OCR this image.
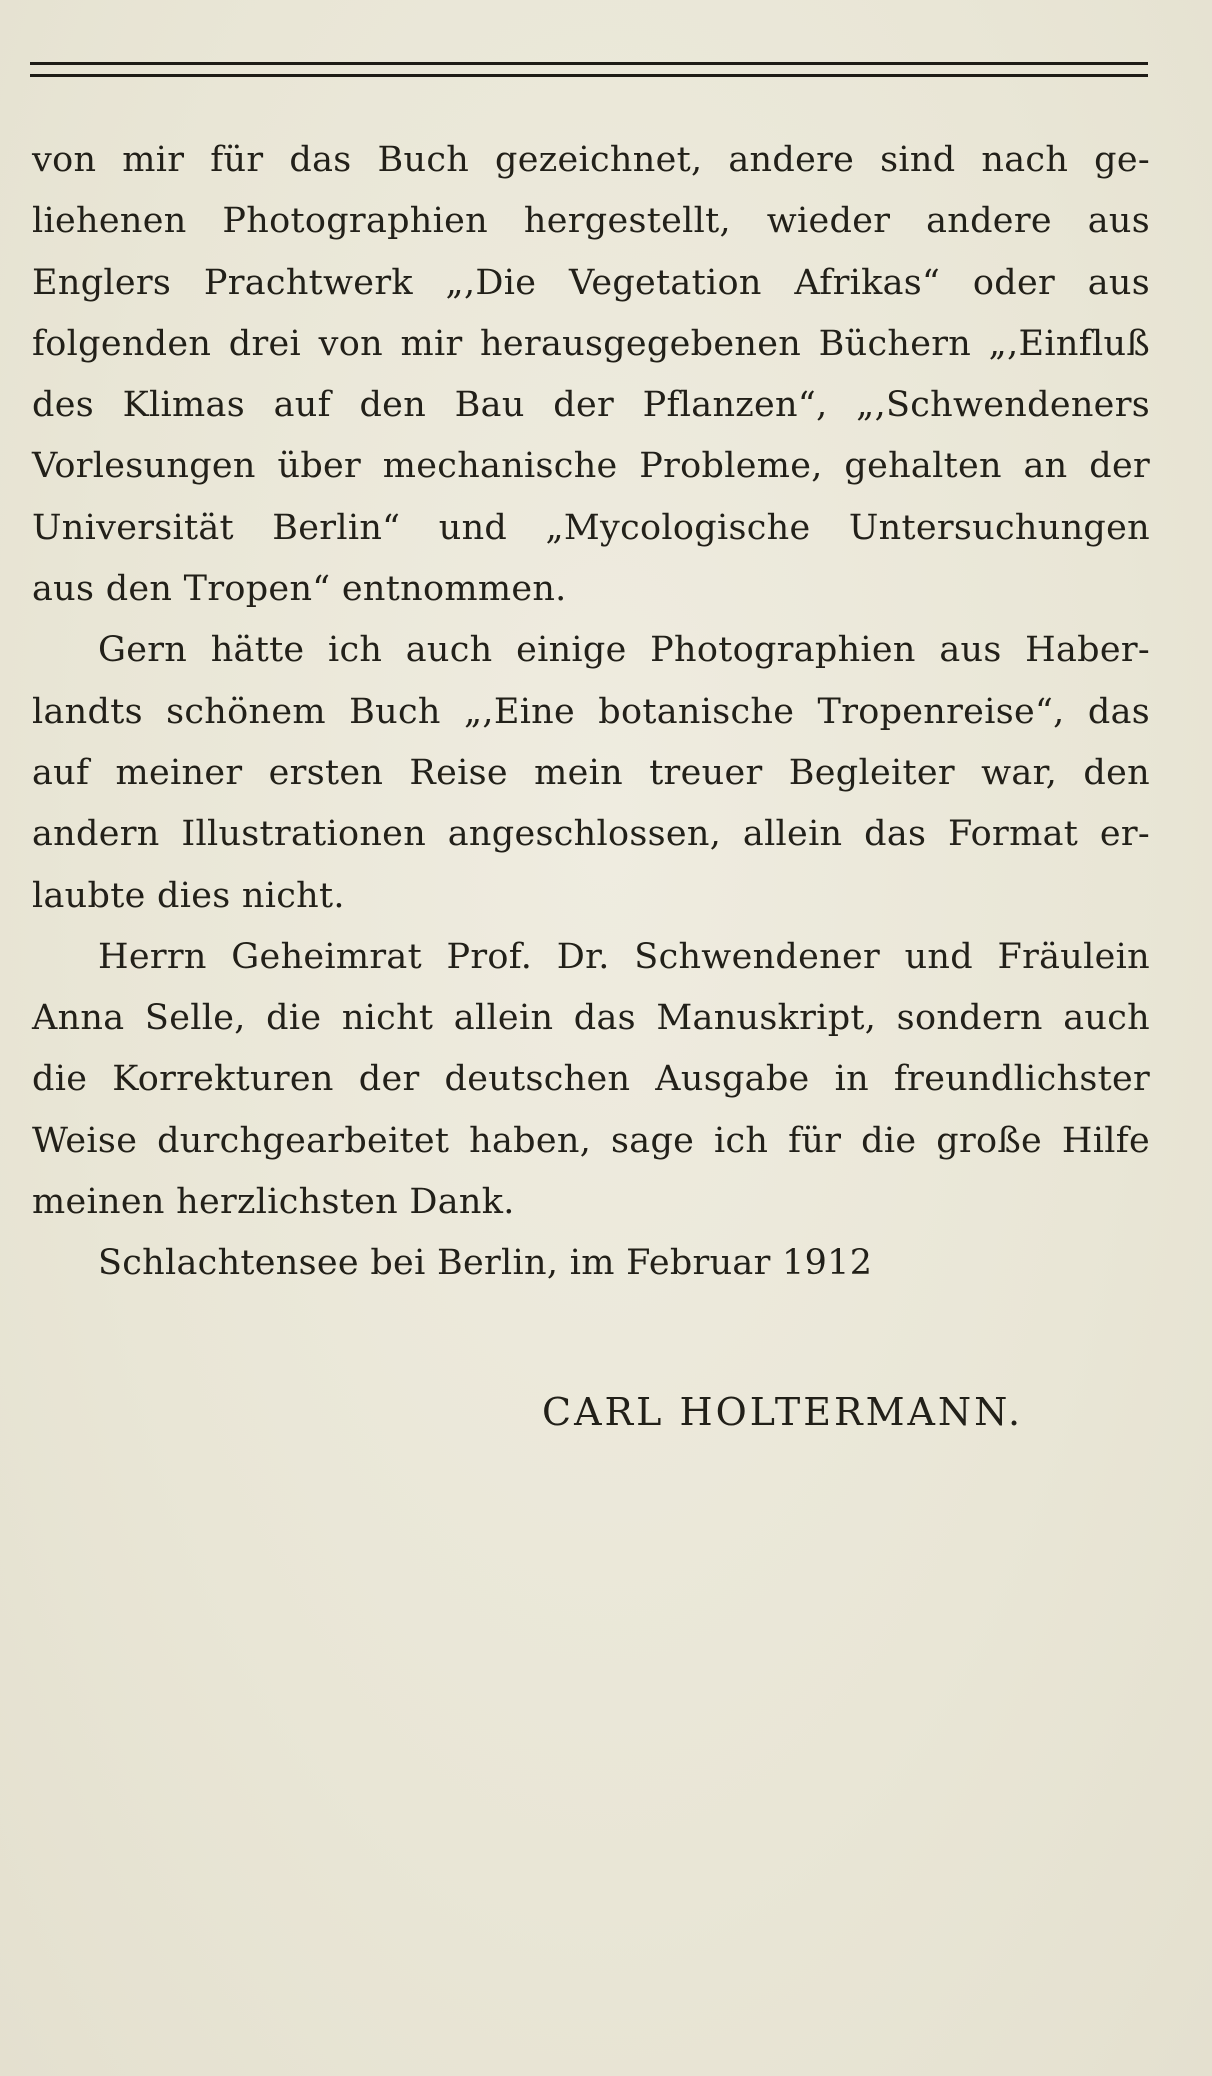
von mir für das Buch gezeichnet, andere sind nach ge-
liehenen Photographien hergestellt, wieder andere aus
Englers Prachtwerk „,Die Vegetation Afrikas“ oder aus
folgenden drei von mir herausgegebenen Büchern „,Einfluß
des Klimas auf den Bau der Pflanzen“, „,Schwendeners
Vorlesungen über mechanische Probleme, gehalten an der
Universität Berlin“ und „Mycologische Untersuchungen
aus den Tropen“ entnommen.
Gern hätte ich auch einige Photographien aus Haber-
landts schönem Buch „,Eine botanische Tropenreise“, das
auf meiner ersten Reise mein treuer Begleiter war, den
andern Illustrationen angeschlossen, allein das Format er-
laubte dies nicht.
Herrn Geheimrat Prof. Dr. Schwendener und Fräulein
Anna Selle, die nicht allein das Manuskript, sondern auch
die Korrekturen der deutschen Ausgabe in freundlichster
Weise durchgearbeitet haben, sage ich für die große Hilfe
meinen herzlichsten Dank.
Schlachtensee bei Berlin, im Februar 1912
CARL HOLTERMANN.
